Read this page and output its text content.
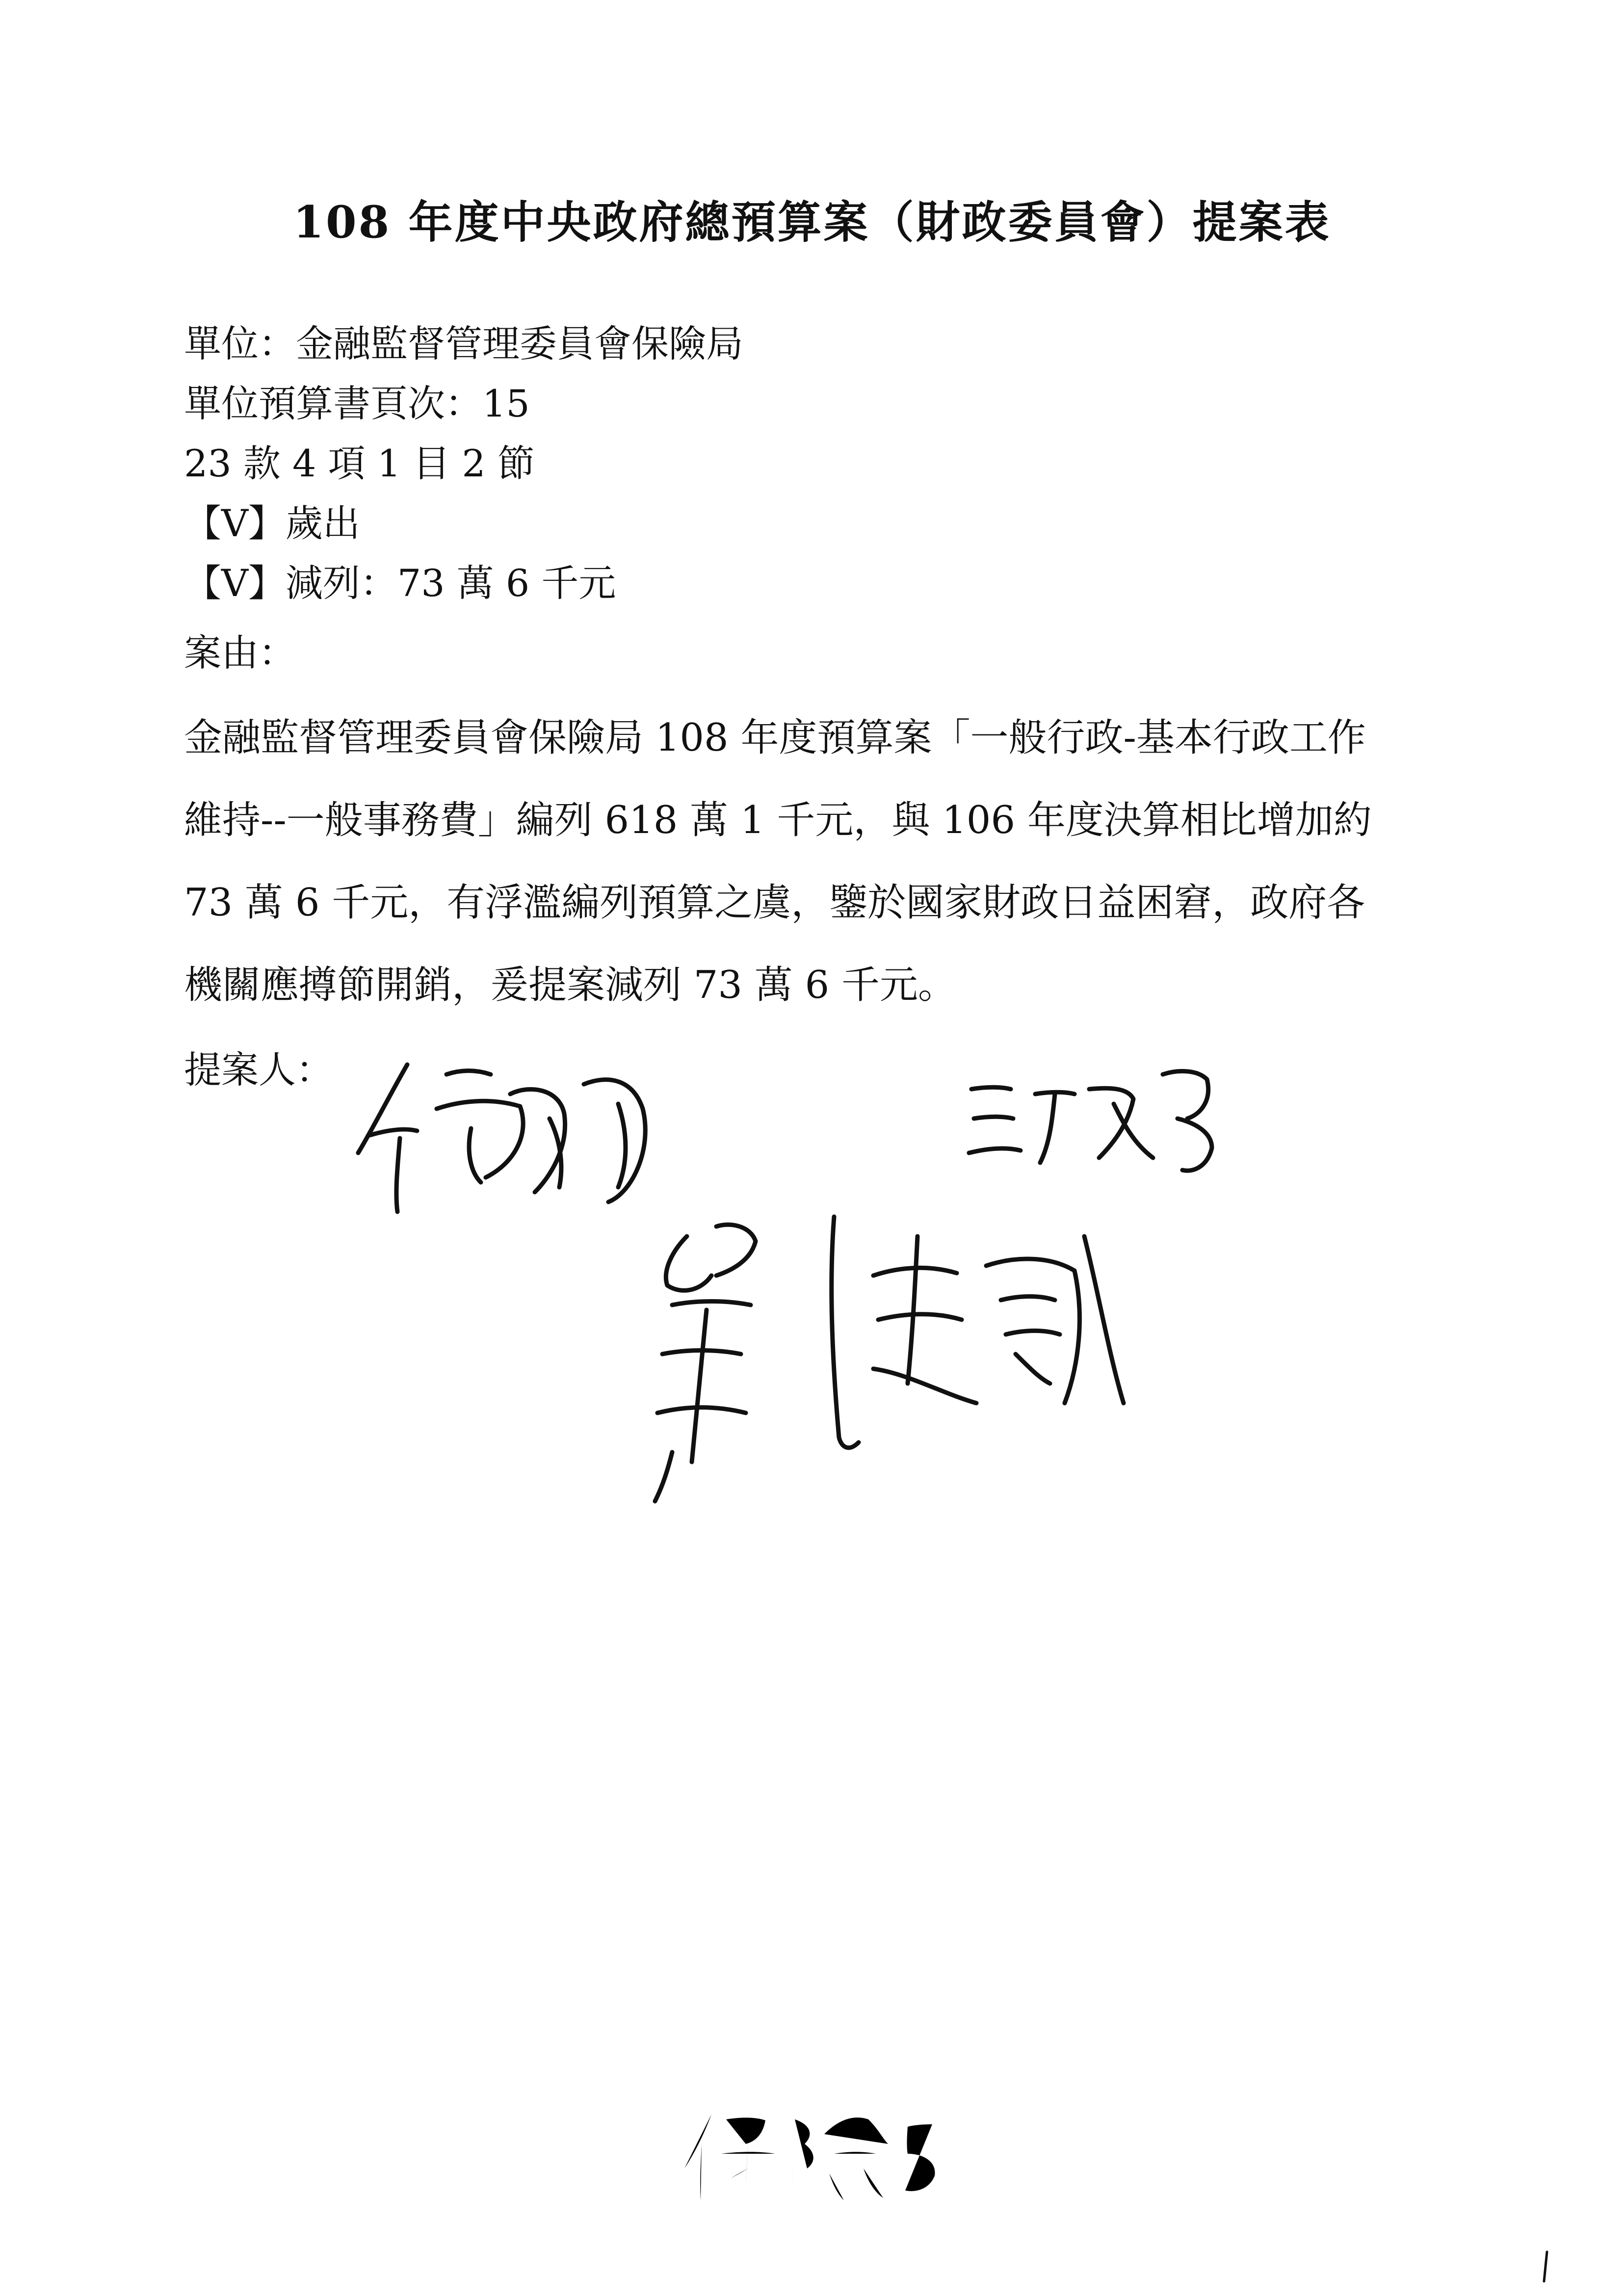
108 年度中央政府總預算案（財政委員會）提案表
單位：金融監督管理委員會保險局
單位預算書頁次：15
23 款 4 項 1 目 2 節
【V】歲出
【V】減列：73 萬 6 千元
案由：
金融監督管理委員會保險局 108 年度預算案「一般行政-基本行政工作
維持--一般事務費」編列 618 萬 1 千元，與 106 年度決算相比增加約
73 萬 6 千元，有浮濫編列預算之虞，鑒於國家財政日益困窘，政府各
機關應撙節開銷，爰提案減列 73 萬 6 千元。
提案人：
